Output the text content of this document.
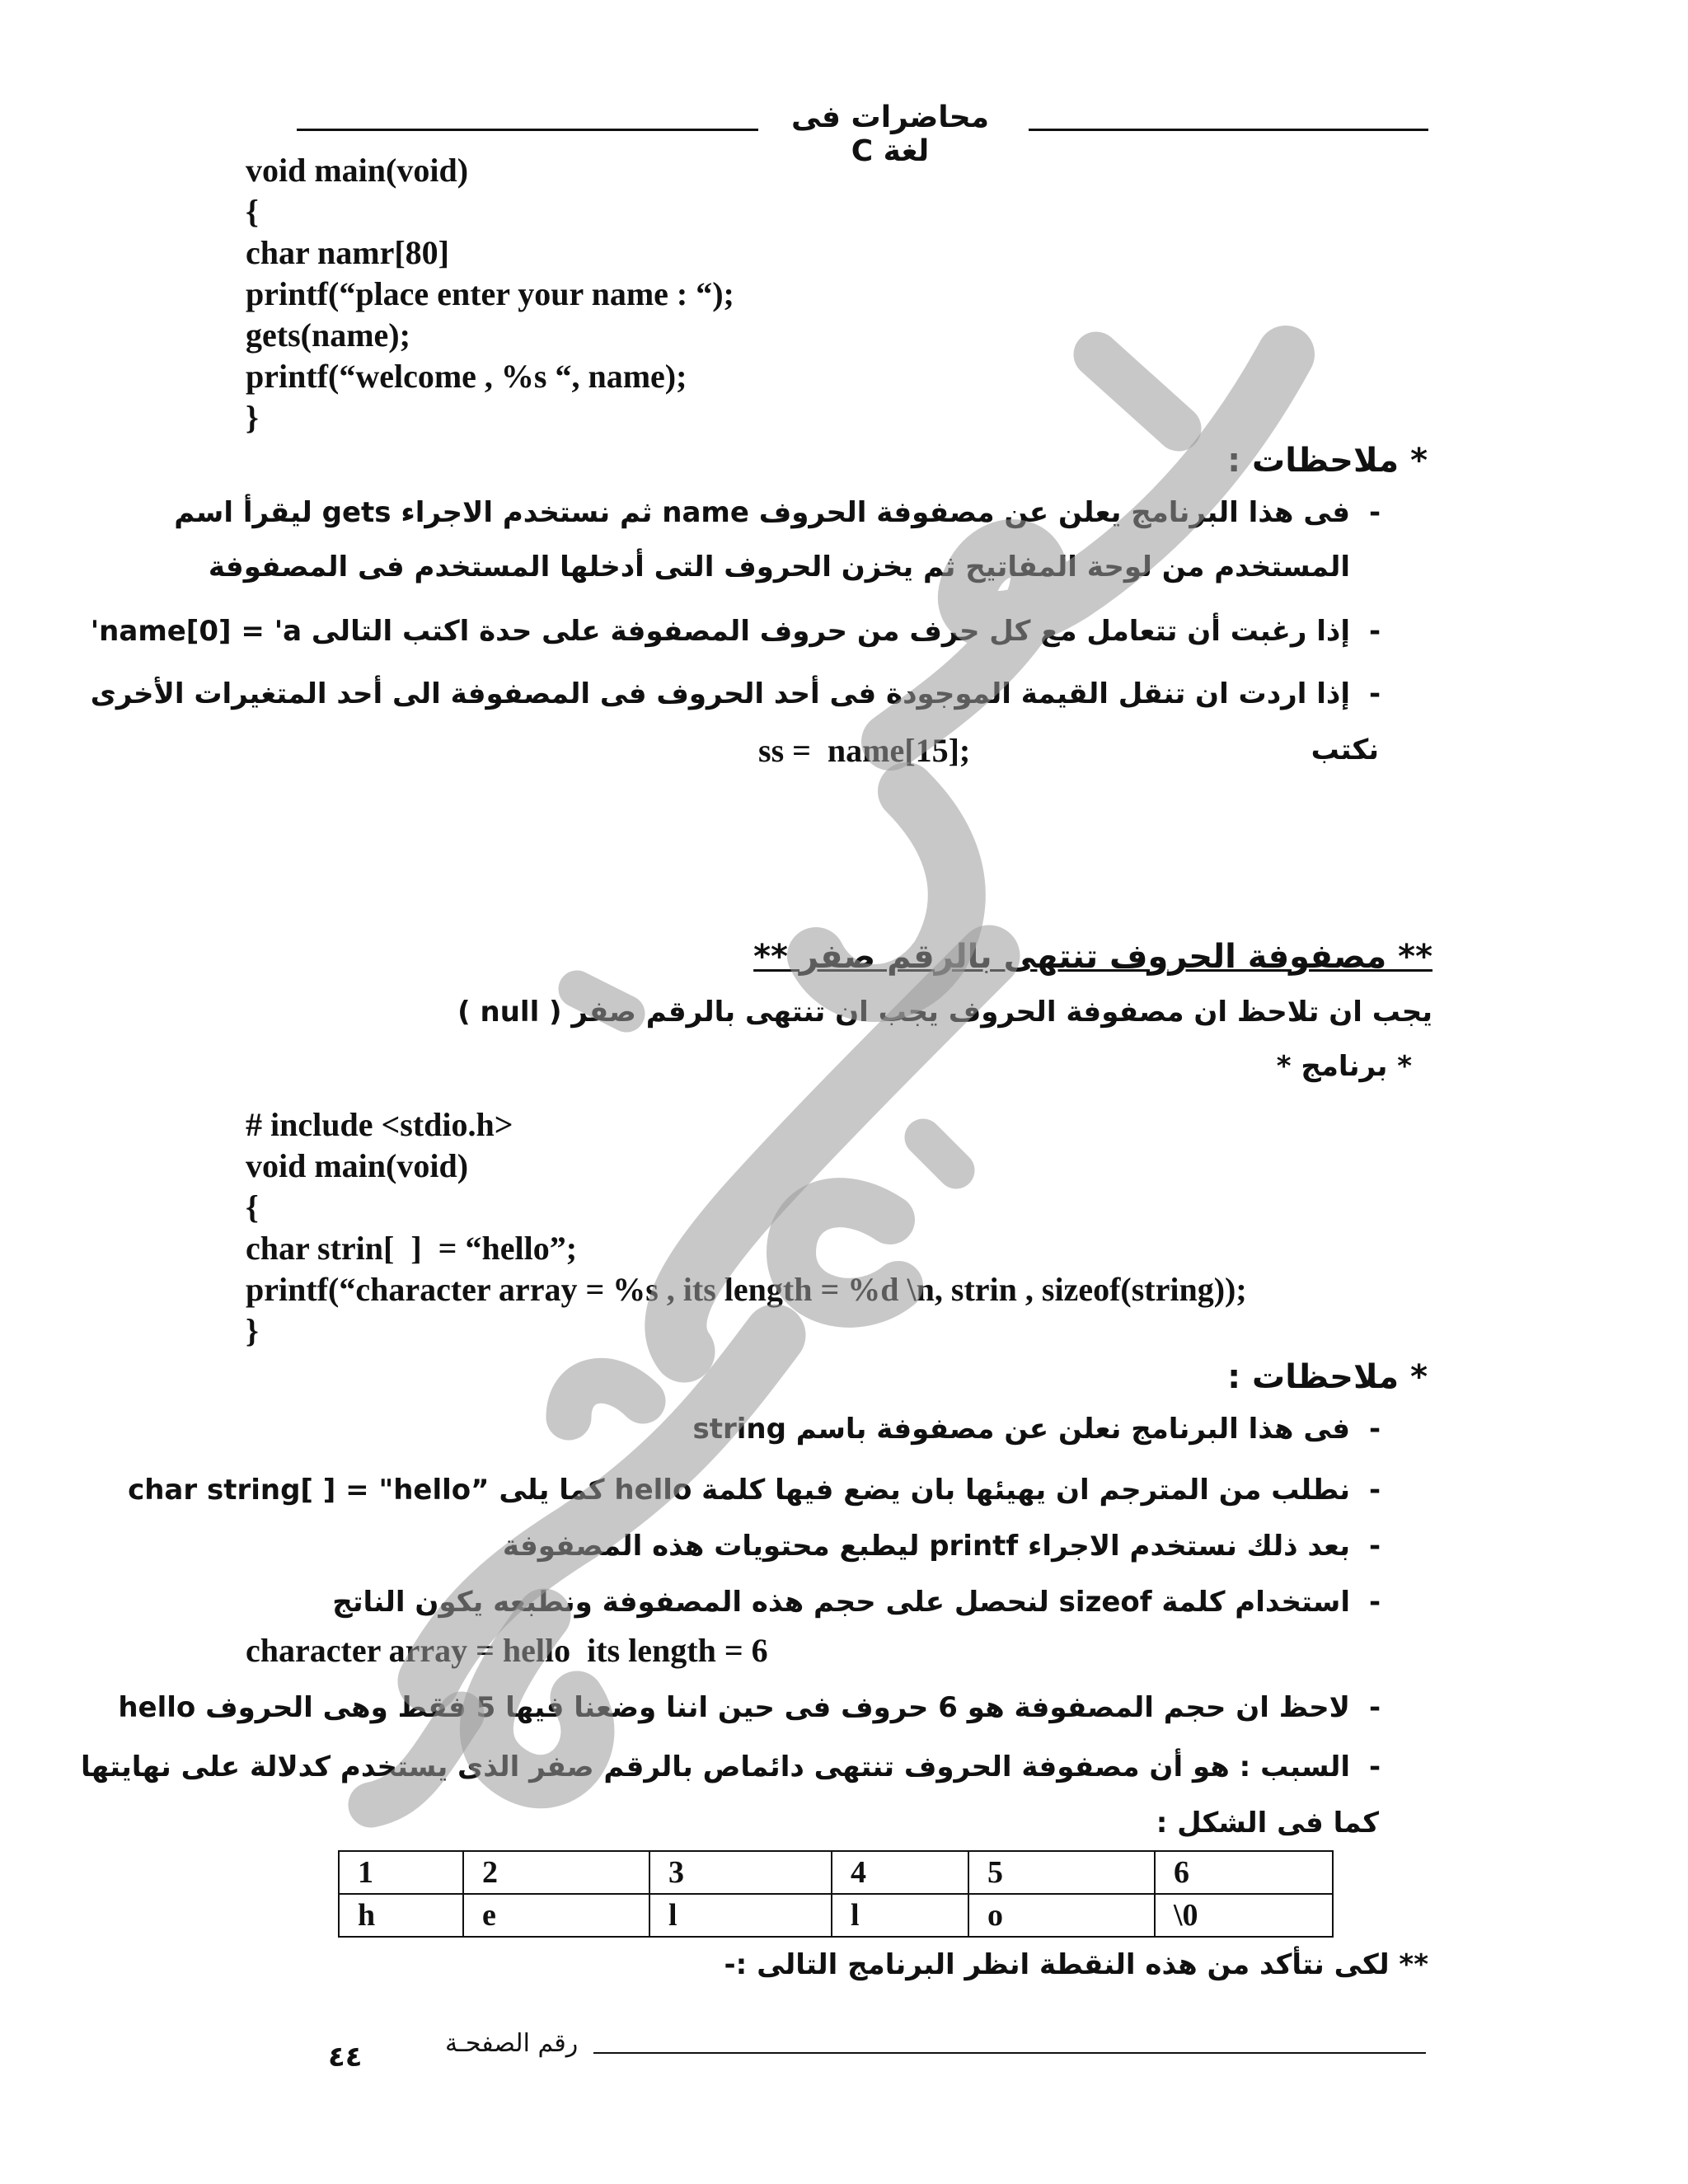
محاضرات فى لغة C
void main(void)
{
char namr[80]
printf(“place enter your name : “);
gets(name);
printf(“welcome , %s “, name);
}
* ملاحظات :
-
فى هذا البرنامج يعلن عن مصفوفة الحروف name ثم نستخدم الاجراء gets ليقرأ اسم
المستخدم من لوحة المفاتيح ثم يخزن الحروف التى أدخلها المستخدم فى المصفوفة
-
إذا رغبت أن تتعامل مع كل حرف من حروف المصفوفة على حدة اكتب التالى name[0] = 'a'
-
إذا اردت ان تنقل القيمة الموجودة فى أحد الحروف فى المصفوفة الى أحد المتغيرات الأخرى
نكتب
ss =  name[15];
** مصفوفة الحروف تنتهى بالرقم صفر **
يجب ان تلاحظ ان مصفوفة الحروف يجب ان تنتهى بالرقم صفر ( null )
* برنامج *
# include <stdio.h>
void main(void)
{
char strin[  ]  = “hello”;
printf(“character array = %s , its length = %d \n, strin , sizeof(string));
}
* ملاحظات :
-
فى هذا البرنامج نعلن عن مصفوفة باسم string
-
نطلب من المترجم ان يهيئها بان يضع فيها كلمة hello كما يلى ”char string[ ] = "hello
-
بعد ذلك نستخدم الاجراء printf ليطبع محتويات هذه المصفوفة
-
استخدام كلمة sizeof لنحصل على حجم هذه المصفوفة ونطبعه يكون الناتج
character array = hello  its length = 6
-
لاحظ ان حجم المصفوفة هو 6 حروف فى حين اننا وضعنا فيها 5 فقط وهى الحروف hello
-
السبب : هو أن مصفوفة الحروف تنتهى دائماص بالرقم صفر الذى يستخدم كدلالة على نهايتها
كما فى الشكل :
1	2	3	4	5	6
h	e	l	l	o	\0
** لكى نتأكد من هذه النقطة انظر البرنامج التالى :-
٤٤	رقم الصفحـة
